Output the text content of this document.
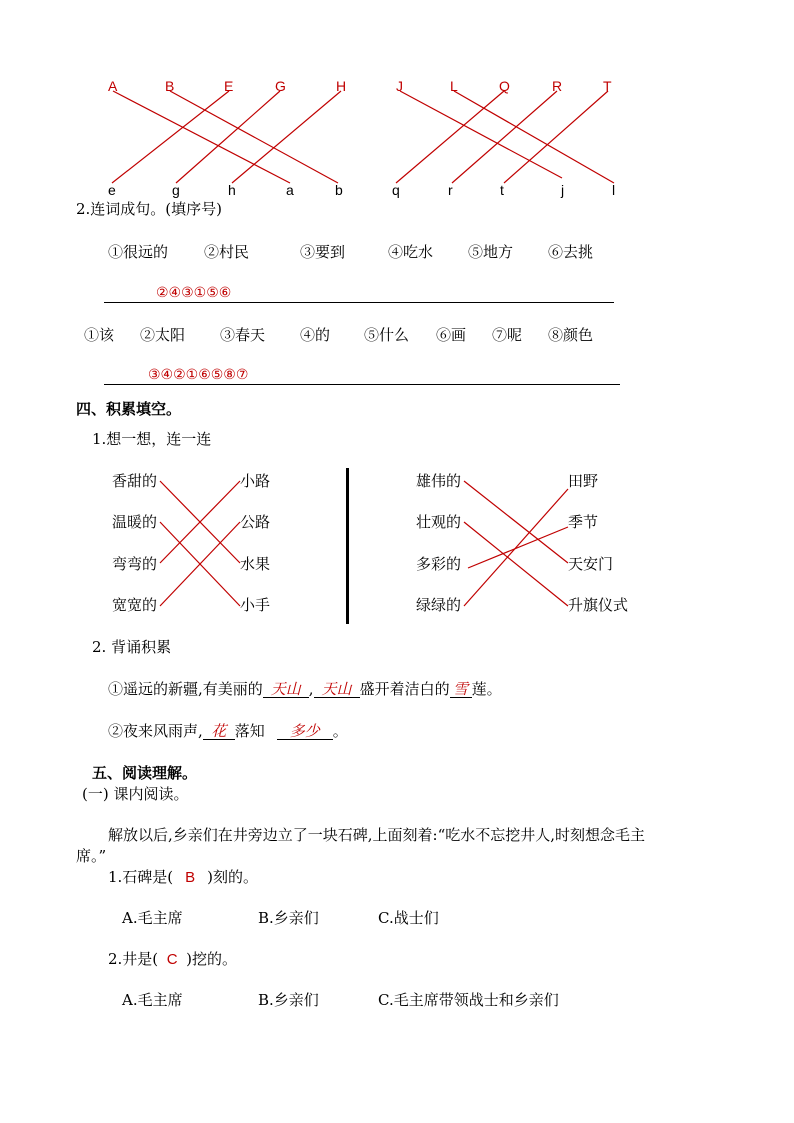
A	B	E	G	H	J	L	Q	R	T
e	g	h	a	b	q	r	t	j	l
2.连词成句。(填序号)
①很远的 ②村民	③要到	④吃水 ⑤地方 ⑥去挑
②④③①⑤⑥
①该 ②太阳 ③春天 ④的 ⑤什么 ⑥画 ⑦呢 ⑧颜色
③④②①⑥⑤⑧⑦
四、积累填空。
1.想一想，连一连
香甜的
温暖的
弯弯的
宽宽的
小路
公路
水果
小手
雄伟的
壮观的
多彩的
绿绿的
田野
季节
天安门
升旗仪式
2. 背诵积累
①遥远的新疆,有美丽的 天山 , 天山 盛开着洁白的 雪 莲。
②夜来风雨声, 花 落知 多少 。
五、阅读理解。
(一) 课内阅读。
解放以后,乡亲们在井旁边立了一块石碑,上面刻着:“吃水不忘挖井人,时刻想念毛主
席。”
1.石碑是( B )刻的。
A.毛主席	B.乡亲们	C.战士们
2.井是( C )挖的。
A.毛主席	B.乡亲们	C.毛主席带领战士和乡亲们
